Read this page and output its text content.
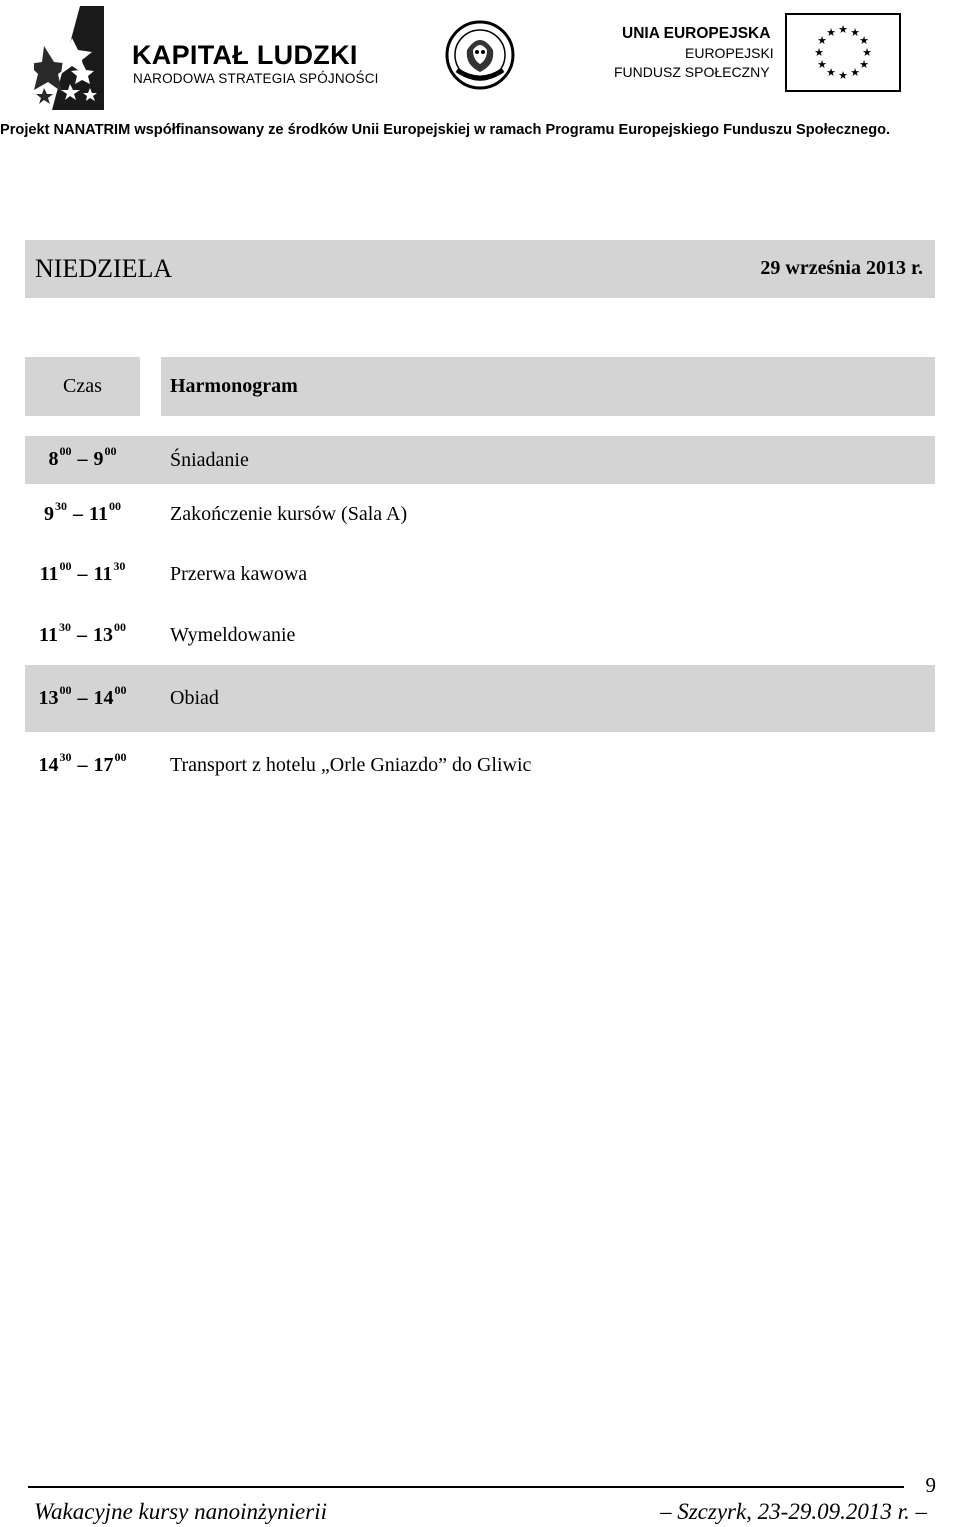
KAPITAŁ LUDZKI
NARODOWA STRATEGIA SPÓJNOŚCI
UNIA EUROPEJSKA
EUROPEJSKI
FUNDUSZ SPOŁECZNY
★ ★
★
★
★
★
★
★
★
★
★
★
Projekt NANATRIM współfinansowany ze środków Unii Europejskiej w ramach Programu Europejskiego Funduszu Społecznego.
NIEDZIELA	29 września 2013 r.
Czas	Harmonogram
$8^{00} - 9^{00}$	Śniadanie
$9^{30} - 11^{00}$ Zakończenie kursów (Sala A)
$11^{00} - 11^{30}$ Przerwa kawowa
$11^{30} - 13^{00}$ Wymeldowanie
$13^{00} - 14^{00}$ Obiad
$14^{30} - 17^{00}$ Transport z hotelu „Orle Gniazdo” do Gliwic
9
Wakacyjne kursy nanoinżynierii	– Szczyrk, 23-29.09.2013 r. –
